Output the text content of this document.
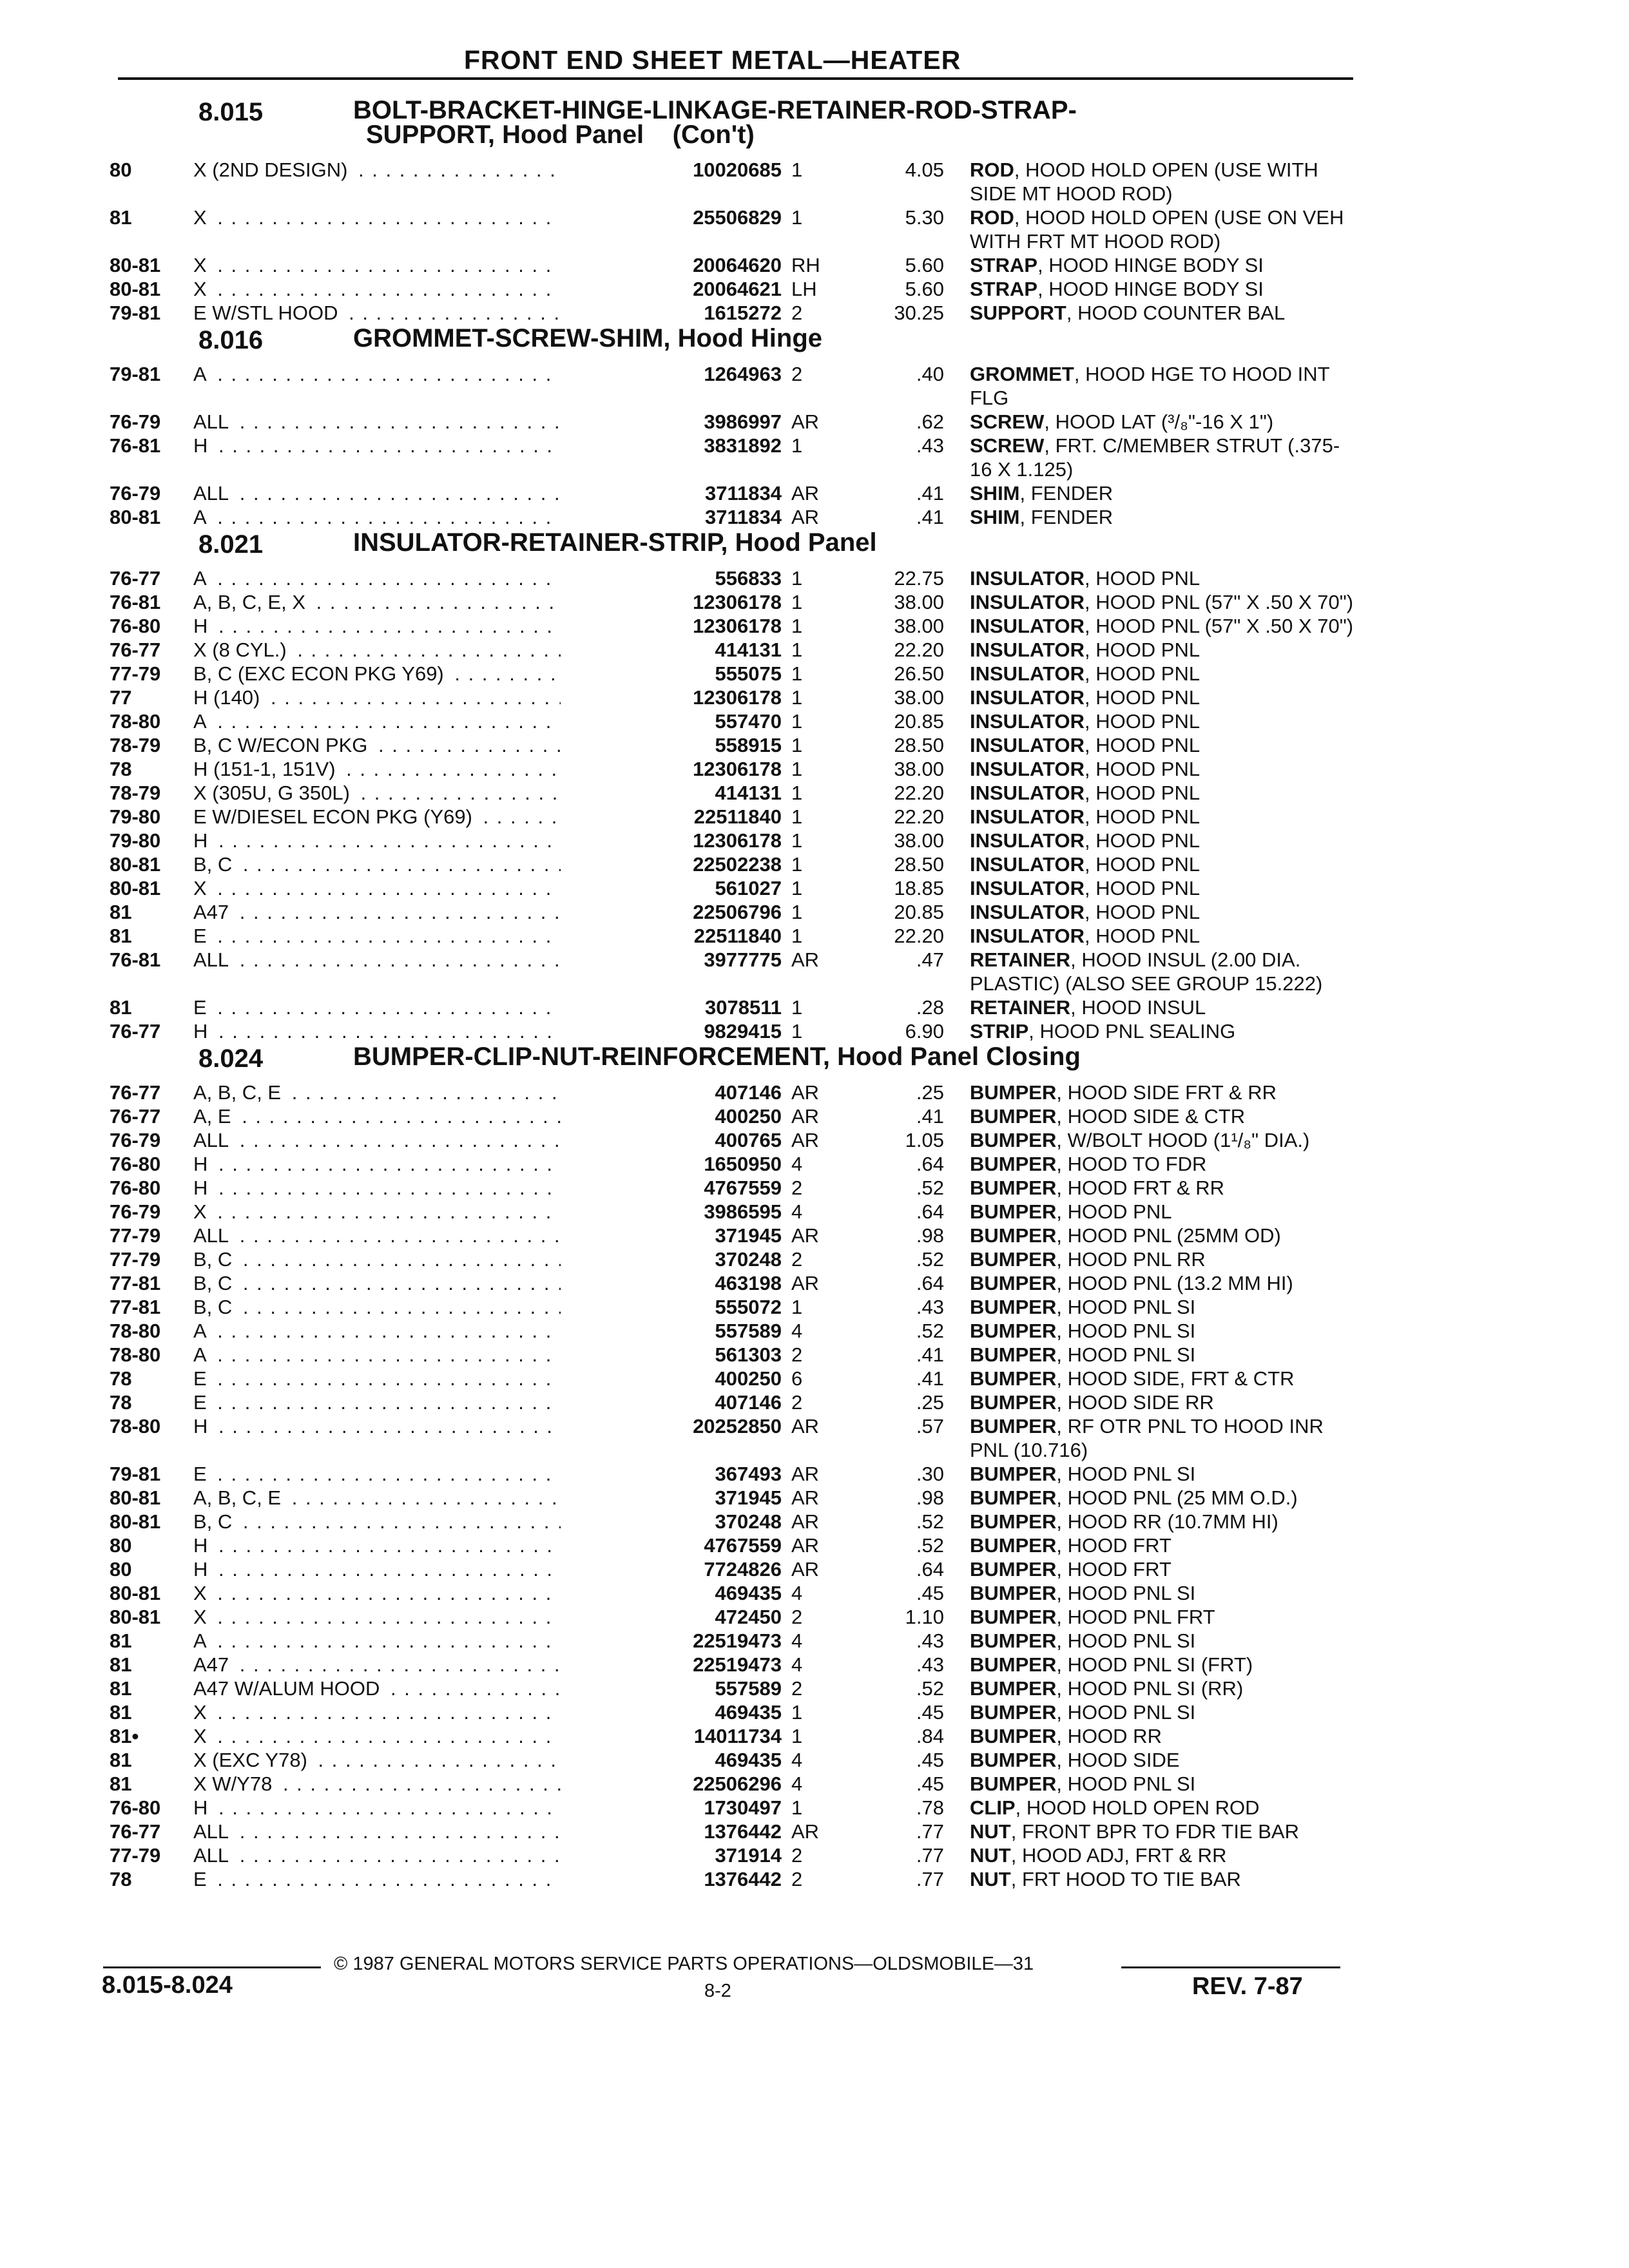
FRONT END SHEET METAL—HEATER
8.015	BOLT-BRACKET-HINGE-LINKAGE-RETAINER-ROD-STRAP-
SUPPORT, Hood Panel    (Con't)
80	X (2ND DESIGN) . . .	10020685 1	4.05 ROD, HOOD HOLD OPEN (USE WITH SIDE MT HOOD ROD)
81	X . . .	25506829 1	5.30 ROD, HOOD HOLD OPEN (USE ON VEH WITH FRT MT HOOD ROD)
80-81	X . . .	20064620 RH	5.60 STRAP, HOOD HINGE BODY SI
80-81	X . . .	20064621 LH	5.60 STRAP, HOOD HINGE BODY SI
79-81	E W/STL HOOD . . .	1615272 2	30.25 SUPPORT, HOOD COUNTER BAL
8.016	GROMMET-SCREW-SHIM, Hood Hinge
79-81	A . . .	1264963 2	.40 GROMMET, HOOD HGE TO HOOD INT FLG
76-79	ALL . . .	3986997 AR	.62 SCREW, HOOD LAT (³/₈"-16 X 1")
76-81	H . . .	3831892 1	.43 SCREW, FRT. C/MEMBER STRUT (.375-16 X 1.125)
76-79	ALL . . .	3711834 AR	.41 SHIM, FENDER
80-81	A . . .	3711834 AR	.41 SHIM, FENDER
8.021	INSULATOR-RETAINER-STRIP, Hood Panel
76-77	A . . .	556833 1	22.75 INSULATOR, HOOD PNL
76-81	A, B, C, E, X . . .	12306178 1	38.00 INSULATOR, HOOD PNL (57" X .50 X 70")
76-80	H . . .	12306178 1	38.00 INSULATOR, HOOD PNL (57" X .50 X 70")
76-77	X (8 CYL.) . . .	414131 1	22.20 INSULATOR, HOOD PNL
77-79	B, C (EXC ECON PKG Y69) . . .	555075 1	26.50 INSULATOR, HOOD PNL
77	H (140) . . .	12306178 1	38.00 INSULATOR, HOOD PNL
78-80	A . . .	557470 1	20.85 INSULATOR, HOOD PNL
78-79	B, C W/ECON PKG . . .	558915 1	28.50 INSULATOR, HOOD PNL
78	H (151-1, 151V) . . .	12306178 1	38.00 INSULATOR, HOOD PNL
78-79	X (305U, G 350L) . . .	414131 1	22.20 INSULATOR, HOOD PNL
79-80	E W/DIESEL ECON PKG (Y69) . . .	22511840 1	22.20 INSULATOR, HOOD PNL
79-80	H . . .	12306178 1	38.00 INSULATOR, HOOD PNL
80-81	B, C . . .	22502238 1	28.50 INSULATOR, HOOD PNL
80-81	X . . .	561027 1	18.85 INSULATOR, HOOD PNL
81	A47 . . .	22506796 1	20.85 INSULATOR, HOOD PNL
81	E . . .	22511840 1	22.20 INSULATOR, HOOD PNL
76-81	ALL . . .	3977775 AR	.47 RETAINER, HOOD INSUL (2.00 DIA. PLASTIC) (ALSO SEE GROUP 15.222)
81	E . . .	3078511 1	.28 RETAINER, HOOD INSUL
76-77	H . . .	9829415 1	6.90 STRIP, HOOD PNL SEALING
8.024	BUMPER-CLIP-NUT-REINFORCEMENT, Hood Panel Closing
76-77	A, B, C, E . . .	407146 AR	.25 BUMPER, HOOD SIDE FRT & RR
76-77	A, E . . .	400250 AR	.41 BUMPER, HOOD SIDE & CTR
76-79	ALL . . .	400765 AR	1.05 BUMPER, W/BOLT HOOD (1¹/₈" DIA.)
76-80	H . . .	1650950 4	.64 BUMPER, HOOD TO FDR
76-80	H . . .	4767559 2	.52 BUMPER, HOOD FRT & RR
76-79	X . . .	3986595 4	.64 BUMPER, HOOD PNL
77-79	ALL . . .	371945 AR	.98 BUMPER, HOOD PNL (25MM OD)
77-79	B, C . . .	370248 2	.52 BUMPER, HOOD PNL RR
77-81	B, C . . .	463198 AR	.64 BUMPER, HOOD PNL (13.2 MM HI)
77-81	B, C . . .	555072 1	.43 BUMPER, HOOD PNL SI
78-80	A . . .	557589 4	.52 BUMPER, HOOD PNL SI
78-80	A . . .	561303 2	.41 BUMPER, HOOD PNL SI
78	E . . .	400250 6	.41 BUMPER, HOOD SIDE, FRT & CTR
78	E . . .	407146 2	.25 BUMPER, HOOD SIDE RR
78-80	H . . .	20252850 AR	.57 BUMPER, RF OTR PNL TO HOOD INR PNL (10.716)
79-81	E . . .	367493 AR	.30 BUMPER, HOOD PNL SI
80-81	A, B, C, E . . .	371945 AR	.98 BUMPER, HOOD PNL (25 MM O.D.)
80-81	B, C . . .	370248 AR	.52 BUMPER, HOOD RR (10.7MM HI)
80	H . . .	4767559 AR	.52 BUMPER, HOOD FRT
80	H . . .	7724826 AR	.64 BUMPER, HOOD FRT
80-81	X . . .	469435 4	.45 BUMPER, HOOD PNL SI
80-81	X . . .	472450 2	1.10 BUMPER, HOOD PNL FRT
81	A . . .	22519473 4	.43 BUMPER, HOOD PNL SI
81	A47 . . .	22519473 4	.43 BUMPER, HOOD PNL SI (FRT)
81	A47 W/ALUM HOOD . . .	557589 2	.52 BUMPER, HOOD PNL SI (RR)
81	X . . .	469435 1	.45 BUMPER, HOOD PNL SI
81•	X . . .	14011734 1	.84 BUMPER, HOOD RR
81	X (EXC Y78) . . .	469435 4	.45 BUMPER, HOOD SIDE
81	X W/Y78 . . .	22506296 4	.45 BUMPER, HOOD PNL SI
76-80	H . . .	1730497 1	.78 CLIP, HOOD HOLD OPEN ROD
76-77	ALL . . .	1376442 AR	.77 NUT, FRONT BPR TO FDR TIE BAR
77-79	ALL . . .	371914 2	.77 NUT, HOOD ADJ, FRT & RR
78	E . . .	1376442 2	.77 NUT, FRT HOOD TO TIE BAR
© 1987 GENERAL MOTORS SERVICE PARTS OPERATIONS—OLDSMOBILE—31
8.015-8.024	8-2	REV. 7-87
